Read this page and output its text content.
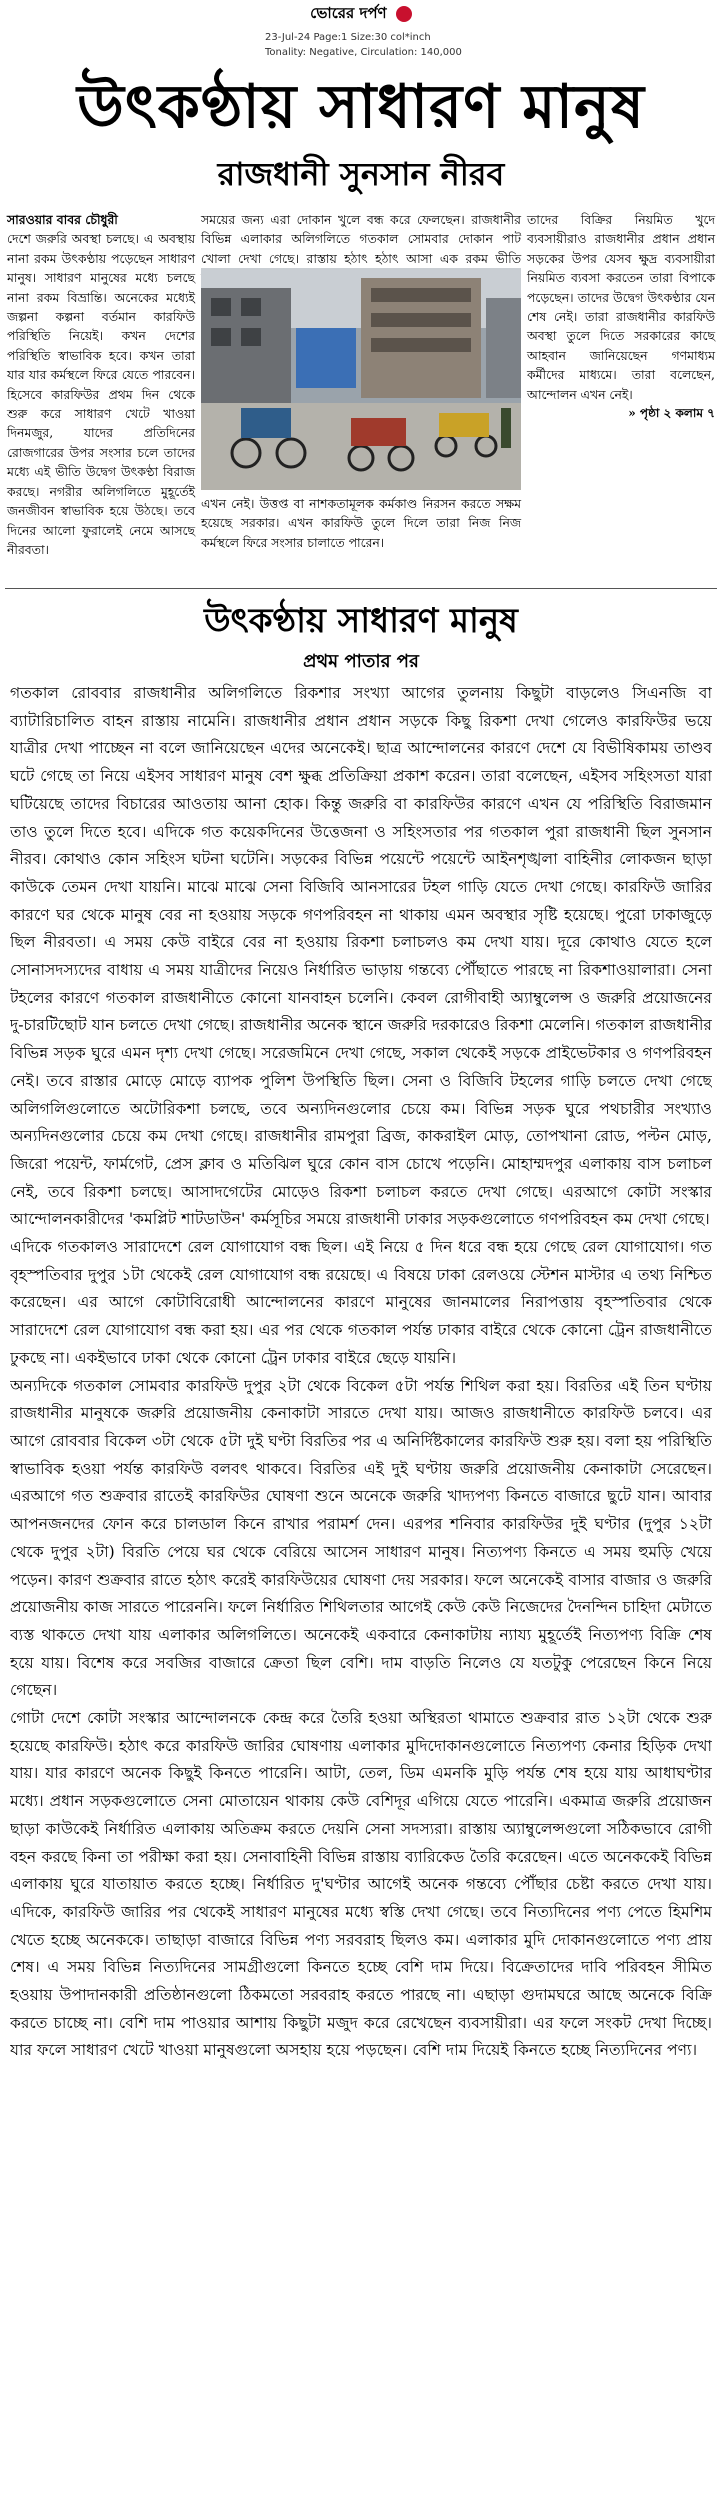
ভোরের দর্পণ
23-Jul-24 Page:1 Size:30 col*inch
Tonality: Negative, Circulation: 140,000
উৎকণ্ঠায় সাধারণ মানুষ
রাজধানী সুনসান নীরব

সারওয়ার বাবর চৌধুরী

দেশে জরুরি অবস্থা চলছে। এ অবস্থায় নানা রকম উৎকণ্ঠায় পড়েছেন সাধারণ মানুষ। সাধারণ মানুষের মধ্যে চলছে নানা রকম বিভ্রান্তি। অনেকের মধ্যেই জল্পনা কল্পনা বর্তমান কারফিউ পরিস্থিতি নিয়েই। কখন দেশের পরিস্থিতি স্বাভাবিক হবে। কখন তারা যার যার কর্মস্থলে ফিরে যেতে পারবেন। হিসেবে কারফিউর প্রথম দিন থেকে শুরু করে সাধারণ খেটে খাওয়া দিনমজুর, যাদের প্রতিদিনের রোজগারের উপর সংসার চলে তাদের মধ্যে এই ভীতি উদ্বেগ উৎকণ্ঠা বিরাজ করছে। নগরীর অলিগলিতে মুহূর্তেই জনজীবন স্বাভাবিক হয়ে উঠছে। তবে দিনের আলো ফুরালেই নেমে আসছে নীরবতা।

সময়ের জন্য এরা দোকান খুলে বন্ধ করে ফেলছেন। রাজধানীর বিভিন্ন এলাকার অলিগলিতে গতকাল সোমবার দোকান পাট খোলা দেখা গেছে। রাস্তায় হঠাৎ হঠাৎ আসা এক রকম ভীতি

এখন নেই। উত্তপ্ত বা নাশকতামূলক কর্মকাণ্ড নিরসন করতে সক্ষম হয়েছে সরকার। এখন কারফিউ তুলে দিলে তারা নিজ নিজ কর্মস্থলে ফিরে সংসার চালাতে পারেন।

তাদের বিক্রির নিয়মিত খুদে ব্যবসায়ীরাও রাজধানীর প্রধান প্রধান সড়কের উপর যেসব ক্ষুদ্র ব্যবসায়ীরা নিয়মিত ব্যবসা করতেন তারা বিপাকে পড়েছেন। তাদের উদ্বেগ উৎকণ্ঠার যেন শেষ নেই। তারা রাজধানীর কারফিউ অবস্থা তুলে দিতে সরকারের কাছে আহবান জানিয়েছেন গণমাধ্যম কর্মীদের মাধ্যমে। তারা বলেছেন, আন্দোলন এখন নেই।

» পৃষ্ঠা ২ কলাম ৭

উৎকণ্ঠায় সাধারণ মানুষ
প্রথম পাতার পর

গতকাল রোববার রাজধানীর অলিগলিতে রিকশার সংখ্যা আগের তুলনায় কিছুটা বাড়লেও সিএনজি বা ব্যাটারিচালিত বাহন রাস্তায় নামেনি। রাজধানীর প্রধান প্রধান সড়কে কিছু রিকশা দেখা গেলেও কারফিউর ভয়ে যাত্রীর দেখা পাচ্ছেন না বলে জানিয়েছেন এদের অনেকেই। ছাত্র আন্দোলনের কারণে দেশে যে বিভীষিকাময় তাণ্ডব ঘটে গেছে তা নিয়ে এইসব সাধারণ মানুষ বেশ ক্ষুব্ধ প্রতিক্রিয়া প্রকাশ করেন। তারা বলেছেন, এইসব সহিংসতা যারা ঘটিয়েছে তাদের বিচারের আওতায় আনা হোক। কিন্তু জরুরি বা কারফিউর কারণে এখন যে পরিস্থিতি বিরাজমান তাও তুলে দিতে হবে। এদিকে গত কয়েকদিনের উত্তেজনা ও সহিংসতার পর গতকাল পুরা রাজধানী ছিল সুনসান নীরব। কোথাও কোন সহিংস ঘটনা ঘটেনি। সড়কের বিভিন্ন পয়েন্টে পয়েন্টে আইনশৃঙ্খলা বাহিনীর লোকজন ছাড়া কাউকে তেমন দেখা যায়নি। মাঝে মাঝে সেনা বিজিবি আনসারের টহল গাড়ি যেতে দেখা গেছে। কারফিউ জারির কারণে ঘর থেকে মানুষ বের না হওয়ায় সড়কে গণপরিবহন না থাকায় এমন অবস্থার সৃষ্টি হয়েছে। পুরো ঢাকাজুড়ে ছিল নীরবতা। এ সময় কেউ বাইরে বের না হওয়ায় রিকশা চলাচলও কম দেখা যায়। দূরে কোথাও যেতে হলে সোনাসদস্যদের বাধায় এ সময় যাত্রীদের নিয়েও নির্ধারিত ভাড়ায় গন্তব্যে পৌঁছাতে পারছে না রিকশাওয়ালারা। সেনা টহলের কারণে গতকাল রাজধানীতে কোনো যানবাহন চলেনি। কেবল রোগীবাহী অ্যাম্বুলেন্স ও জরুরি প্রয়োজনের দু-চারটিছোট যান চলতে দেখা গেছে। রাজধানীর অনেক স্থানে জরুরি দরকারেও রিকশা মেলেনি। গতকাল রাজধানীর বিভিন্ন সড়ক ঘুরে এমন দৃশ্য দেখা গেছে। সরেজমিনে দেখা গেছে, সকাল থেকেই সড়কে প্রাইভেটকার ও গণপরিবহন নেই। তবে রাস্তার মোড়ে মোড়ে ব্যাপক পুলিশ উপস্থিতি ছিল। সেনা ও বিজিবি টহলের গাড়ি চলতে দেখা গেছে অলিগলিগুলোতে অটোরিকশা চলছে, তবে অন্যদিনগুলোর চেয়ে কম। বিভিন্ন সড়ক ঘুরে পথচারীর সংখ্যাও অন্যদিনগুলোর চেয়ে কম দেখা গেছে। রাজধানীর রামপুরা ব্রিজ, কাকরাইল মোড়, তোপখানা রোড, পল্টন মোড়, জিরো পয়েন্ট, ফার্মগেট, প্রেস ক্লাব ও মতিঝিল ঘুরে কোন বাস চোখে পড়েনি। মোহাম্মদপুর এলাকায় বাস চলাচল নেই, তবে রিকশা চলছে। আসাদগেটের মোড়েও রিকশা চলাচল করতে দেখা গেছে। এরআগে কোটা সংস্কার আন্দোলনকারীদের 'কমপ্লিট শাটডাউন' কর্মসূচির সময়ে রাজধানী ঢাকার সড়কগুলোতে গণপরিবহন কম দেখা গেছে।

এদিকে গতকালও সারাদেশে রেল যোগাযোগ বন্ধ ছিল। এই নিয়ে ৫ দিন ধরে বন্ধ হয়ে গেছে রেল যোগাযোগ। গত বৃহস্পতিবার দুপুর ১টা থেকেই রেল যোগাযোগ বন্ধ রয়েছে। এ বিষয়ে ঢাকা রেলওয়ে স্টেশন মাস্টার এ তথ্য নিশ্চিত করেছেন। এর আগে কোটাবিরোধী আন্দোলনের কারণে মানুষের জানমালের নিরাপত্তায় বৃহস্পতিবার থেকে সারাদেশে রেল যোগাযোগ বন্ধ করা হয়। এর পর থেকে গতকাল পর্যন্ত ঢাকার বাইরে থেকে কোনো ট্রেন রাজধানীতে ঢুকছে না। একইভাবে ঢাকা থেকে কোনো ট্রেন ঢাকার বাইরে ছেড়ে যায়নি।

অন্যদিকে গতকাল সোমবার কারফিউ দুপুর ২টা থেকে বিকেল ৫টা পর্যন্ত শিথিল করা হয়। বিরতির এই তিন ঘণ্টায় রাজধানীর মানুষকে জরুরি প্রয়োজনীয় কেনাকাটা সারতে দেখা যায়। আজও রাজধানীতে কারফিউ চলবে। এর আগে রোববার বিকেল ৩টা থেকে ৫টা দুই ঘণ্টা বিরতির পর এ অনির্দিষ্টকালের কারফিউ শুরু হয়। বলা হয় পরিস্থিতি স্বাভাবিক হওয়া পর্যন্ত কারফিউ বলবৎ থাকবে। বিরতির এই দুই ঘণ্টায় জরুরি প্রয়োজনীয় কেনাকাটা সেরেছেন। এরআগে গত শুক্রবার রাতেই কারফিউর ঘোষণা শুনে অনেকে জরুরি খাদ্যপণ্য কিনতে বাজারে ছুটে যান। আবার আপনজনদের ফোন করে চালডাল কিনে রাখার পরামর্শ দেন। এরপর শনিবার কারফিউর দুই ঘণ্টার (দুপুর ১২টা থেকে দুপুর ২টা) বিরতি পেয়ে ঘর থেকে বেরিয়ে আসেন সাধারণ মানুষ। নিত্যপণ্য কিনতে এ সময় হুমড়ি খেয়ে পড়েন। কারণ শুক্রবার রাতে হঠাৎ করেই কারফিউয়ের ঘোষণা দেয় সরকার। ফলে অনেকেই বাসার বাজার ও জরুরি প্রয়োজনীয় কাজ সারতে পারেননি। ফলে নির্ধারিত শিথিলতার আগেই কেউ কেউ নিজেদের দৈনন্দিন চাহিদা মেটাতে ব্যস্ত থাকতে দেখা যায় এলাকার অলিগলিতে। অনেকেই একবারে কেনাকাটায় ন্যায্য মুহূর্তেই নিত্যপণ্য বিক্রি শেষ হয়ে যায়। বিশেষ করে সবজির বাজারে ক্রেতা ছিল বেশি। দাম বাড়তি নিলেও যে যতটুকু পেরেছেন কিনে নিয়ে গেছেন।

গোটা দেশে কোটা সংস্কার আন্দোলনকে কেন্দ্র করে তৈরি হওয়া অস্থিরতা থামাতে শুক্রবার রাত ১২টা থেকে শুরু হয়েছে কারফিউ। হঠাৎ করে কারফিউ জারির ঘোষণায় এলাকার মুদিদোকানগুলোতে নিত্যপণ্য কেনার হিড়িক দেখা যায়। যার কারণে অনেক কিছুই কিনতে পারেনি। আটা, তেল, ডিম এমনকি মুড়ি পর্যন্ত শেষ হয়ে যায় আধাঘণ্টার মধ্যে। প্রধান সড়কগুলোতে সেনা মোতায়েন থাকায় কেউ বেশিদূর এগিয়ে যেতে পারেনি। একমাত্র জরুরি প্রয়োজন ছাড়া কাউকেই নির্ধারিত এলাকায় অতিক্রম করতে দেয়নি সেনা সদস্যরা। রাস্তায় অ্যাম্বুলেন্সগুলো সঠিকভাবে রোগী বহন করছে কিনা তা পরীক্ষা করা হয়। সেনাবাহিনী বিভিন্ন রাস্তায় ব্যারিকেড তৈরি করেছেন। এতে অনেককেই বিভিন্ন এলাকায় ঘুরে যাতায়াত করতে হচ্ছে। নির্ধারিত দু'ঘণ্টার আগেই অনেক গন্তব্যে পৌঁছার চেষ্টা করতে দেখা যায়। এদিকে, কারফিউ জারির পর থেকেই সাধারণ মানুষের মধ্যে স্বস্তি দেখা গেছে। তবে নিত্যদিনের পণ্য পেতে হিমশিম খেতে হচ্ছে অনেককে। তাছাড়া বাজারে বিভিন্ন পণ্য সরবরাহ ছিলও কম। এলাকার মুদি দোকানগুলোতে পণ্য প্রায় শেষ। এ সময় বিভিন্ন নিত্যদিনের সামগ্রীগুলো কিনতে হচ্ছে বেশি দাম দিয়ে। বিক্রেতাদের দাবি পরিবহন সীমিত হওয়ায় উপাদানকারী প্রতিষ্ঠানগুলো ঠিকমতো সরবরাহ করতে পারছে না। এছাড়া গুদামঘরে আছে অনেকে বিক্রি করতে চাচ্ছে না। বেশি দাম পাওয়ার আশায় কিছুটা মজুদ করে রেখেছেন ব্যবসায়ীরা। এর ফলে সংকট দেখা দিচ্ছে। যার ফলে সাধারণ খেটে খাওয়া মানুষগুলো অসহায় হয়ে পড়ছেন। বেশি দাম দিয়েই কিনতে হচ্ছে নিত্যদিনের পণ্য।
